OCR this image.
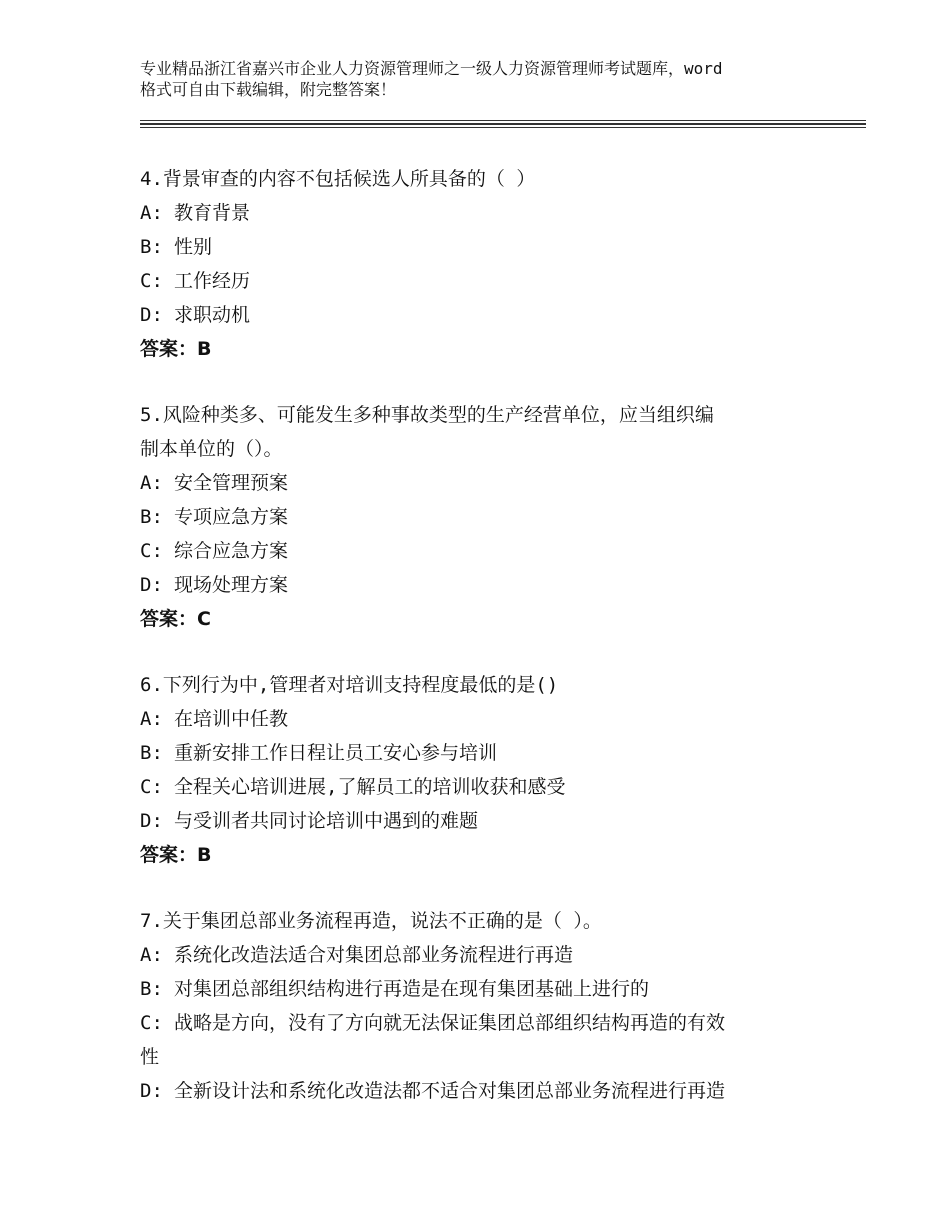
专业精品浙江省嘉兴市企业人力资源管理师之一级人力资源管理师考试题库，word
格式可自由下载编辑，附完整答案！
4.背景审查的内容不包括候选人所具备的（ ）
A: 教育背景
B: 性别
C: 工作经历
D: 求职动机
答案：B
5.风险种类多、可能发生多种事故类型的生产经营单位，应当组织编
制本单位的（）。
A: 安全管理预案
B: 专项应急方案
C: 综合应急方案
D: 现场处理方案
答案：C
6.下列行为中,管理者对培训支持程度最低的是()
A: 在培训中任教
B: 重新安排工作日程让员工安心参与培训
C: 全程关心培训进展,了解员工的培训收获和感受
D: 与受训者共同讨论培训中遇到的难题
答案：B
7.关于集团总部业务流程再造，说法不正确的是（ ）。
A: 系统化改造法适合对集团总部业务流程进行再造
B: 对集团总部组织结构进行再造是在现有集团基础上进行的
C: 战略是方向，没有了方向就无法保证集团总部组织结构再造的有效
性
D: 全新设计法和系统化改造法都不适合对集团总部业务流程进行再造
